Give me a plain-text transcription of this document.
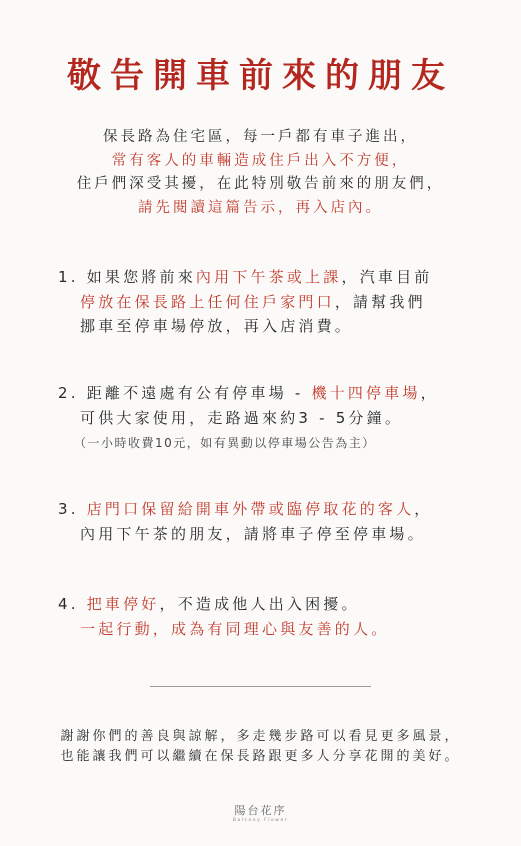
敬告開車前來的朋友
保長路為住宅區，每一戶都有車子進出，
常有客人的車輛造成住戶出入不方便，
住戶們深受其擾，在此特別敬告前來的朋友們，
請先閱讀這篇告示，再入店內。
1. 如果您將前來內用下午茶或上課，汽車目前
停放在保長路上任何住戶家門口，請幫我們
挪車至停車場停放，再入店消費。
2. 距離不遠處有公有停車場 - 機十四停車場，
可供大家使用，走路過來約3 - 5分鐘。
（一小時收費10元，如有異動以停車場公告為主）
3. 店門口保留給開車外帶或臨停取花的客人，
內用下午茶的朋友，請將車子停至停車場。
4. 把車停好，不造成他人出入困擾。
一起行動，成為有同理心與友善的人。
謝謝你們的善良與諒解，多走幾步路可以看見更多風景，
也能讓我們可以繼續在保長路跟更多人分享花開的美好。
陽台花序
Balcony Flower
